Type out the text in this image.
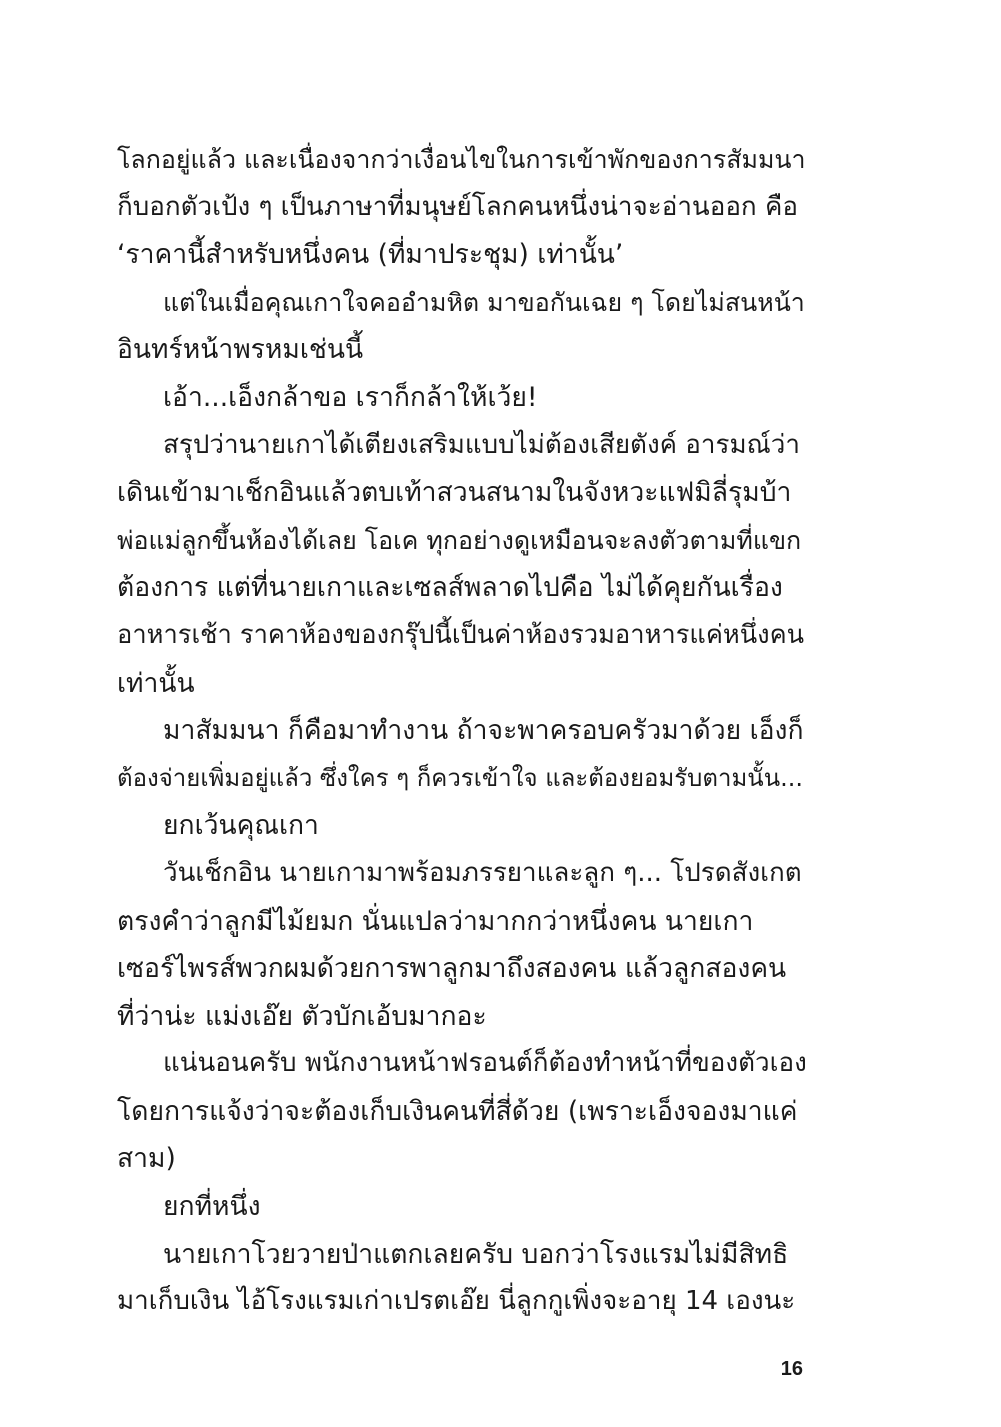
โลกอยู่แล้ว และเนื่องจากว่าเงื่อนไขในการเข้าพักของการสัมมนา
ก็บอกตัวเป้ง ๆ เป็นภาษาที่มนุษย์โลกคนหนึ่งน่าจะอ่านออก คือ
‘ราคานี้สำหรับหนึ่งคน (ที่มาประชุม) เท่านั้น’
แต่ในเมื่อคุณเกาใจคออำมหิต มาขอกันเฉย ๆ โดยไม่สนหน้า
อินทร์หน้าพรหมเช่นนี้
เอ้า...เอ็งกล้าขอ เราก็กล้าให้เว้ย!
สรุปว่านายเกาได้เตียงเสริมแบบไม่ต้องเสียตังค์ อารมณ์ว่า
เดินเข้ามาเช็กอินแล้วตบเท้าสวนสนามในจังหวะแฟมิลี่รุมบ้า
พ่อแม่ลูกขึ้นห้องได้เลย โอเค ทุกอย่างดูเหมือนจะลงตัวตามที่แขก
ต้องการ แต่ที่นายเกาและเซลส์พลาดไปคือ ไม่ได้คุยกันเรื่อง
อาหารเช้า ราคาห้องของกรุ๊ปนี้เป็นค่าห้องรวมอาหารแค่หนึ่งคน
เท่านั้น
มาสัมมนา ก็คือมาทำงาน ถ้าจะพาครอบครัวมาด้วย เอ็งก็
ต้องจ่ายเพิ่มอยู่แล้ว ซึ่งใคร ๆ ก็ควรเข้าใจ และต้องยอมรับตามนั้น...
ยกเว้นคุณเกา
วันเช็กอิน นายเกามาพร้อมภรรยาและลูก ๆ... โปรดสังเกต
ตรงคำว่าลูกมีไม้ยมก นั่นแปลว่ามากกว่าหนึ่งคน นายเกา
เซอร์ไพรส์พวกผมด้วยการพาลูกมาถึงสองคน แล้วลูกสองคน
ที่ว่าน่ะ แม่งเอ๊ย ตัวบักเอ้บมากอะ
แน่นอนครับ พนักงานหน้าฟรอนต์ก็ต้องทำหน้าที่ของตัวเอง
โดยการแจ้งว่าจะต้องเก็บเงินคนที่สี่ด้วย (เพราะเอ็งจองมาแค่
สาม)
ยกที่หนึ่ง
นายเกาโวยวายป่าแตกเลยครับ บอกว่าโรงแรมไม่มีสิทธิ
มาเก็บเงิน ไอ้โรงแรมเก่าเปรตเอ๊ย นี่ลูกกูเพิ่งจะอายุ 14 เองนะ
16
